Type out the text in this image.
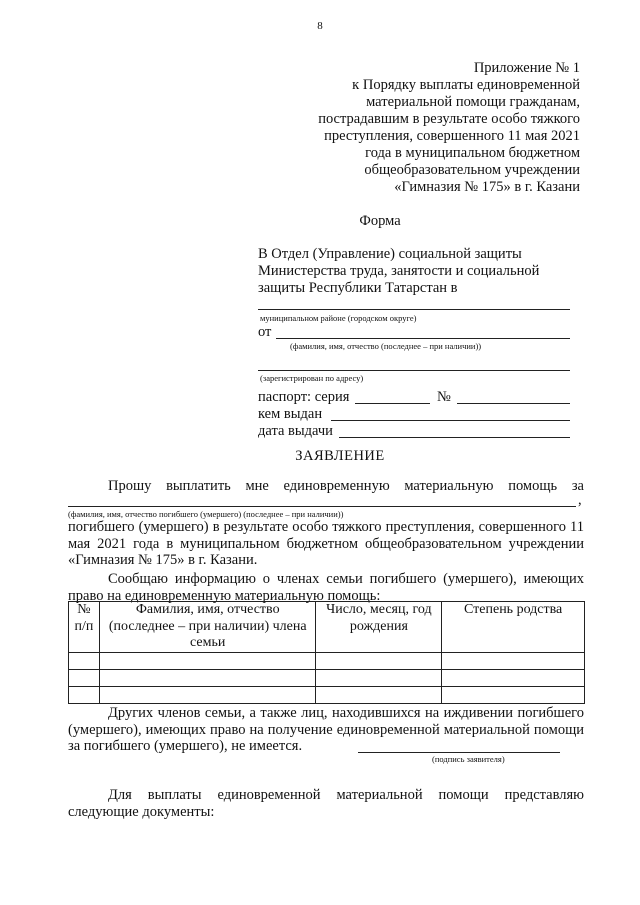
8
Приложение № 1
к Порядку выплаты единовременной
материальной помощи гражданам,
пострадавшим в результате особо тяжкого
преступления, совершенного 11 мая 2021
года в муниципальном бюджетном
общеобразовательном учреждении
«Гимназия № 175» в г. Казани
Форма
В Отдел (Управление) социальной защиты
Министерства труда, занятости и социальной
защиты Республики Татарстан в
муниципальном районе (городском округе)
от
(фамилия, имя, отчество (последнее – при наличии))
(зарегистрирован по адресу)
паспорт: серия	№
кем выдан
дата выдачи
ЗАЯВЛЕНИЕ
Прошу выплатить мне единовременную материальную помощь за
,
(фамилия, имя, отчество погибшего (умершего) (последнее – при наличии))
погибшего (умершего) в результате особо тяжкого преступления, совершенного 11 мая 2021 года в муниципальном бюджетном общеобразовательном учреждении «Гимназия № 175» в г. Казани.
Сообщаю информацию о членах семьи погибшего (умершего), имеющих право на единовременную материальную помощь:
№ п/п	Фамилия, имя, отчество (последнее – при наличии) члена семьи	Число, месяц, год рождения	Степень родства

Других членов семьи, а также лиц, находившихся на иждивении погибшего (умершего), имеющих право на получение единовременной материальной помощи за погибшего (умершего), не имеется.
(подпись заявителя)
Для выплаты единовременной материальной помощи представляю следующие документы:
